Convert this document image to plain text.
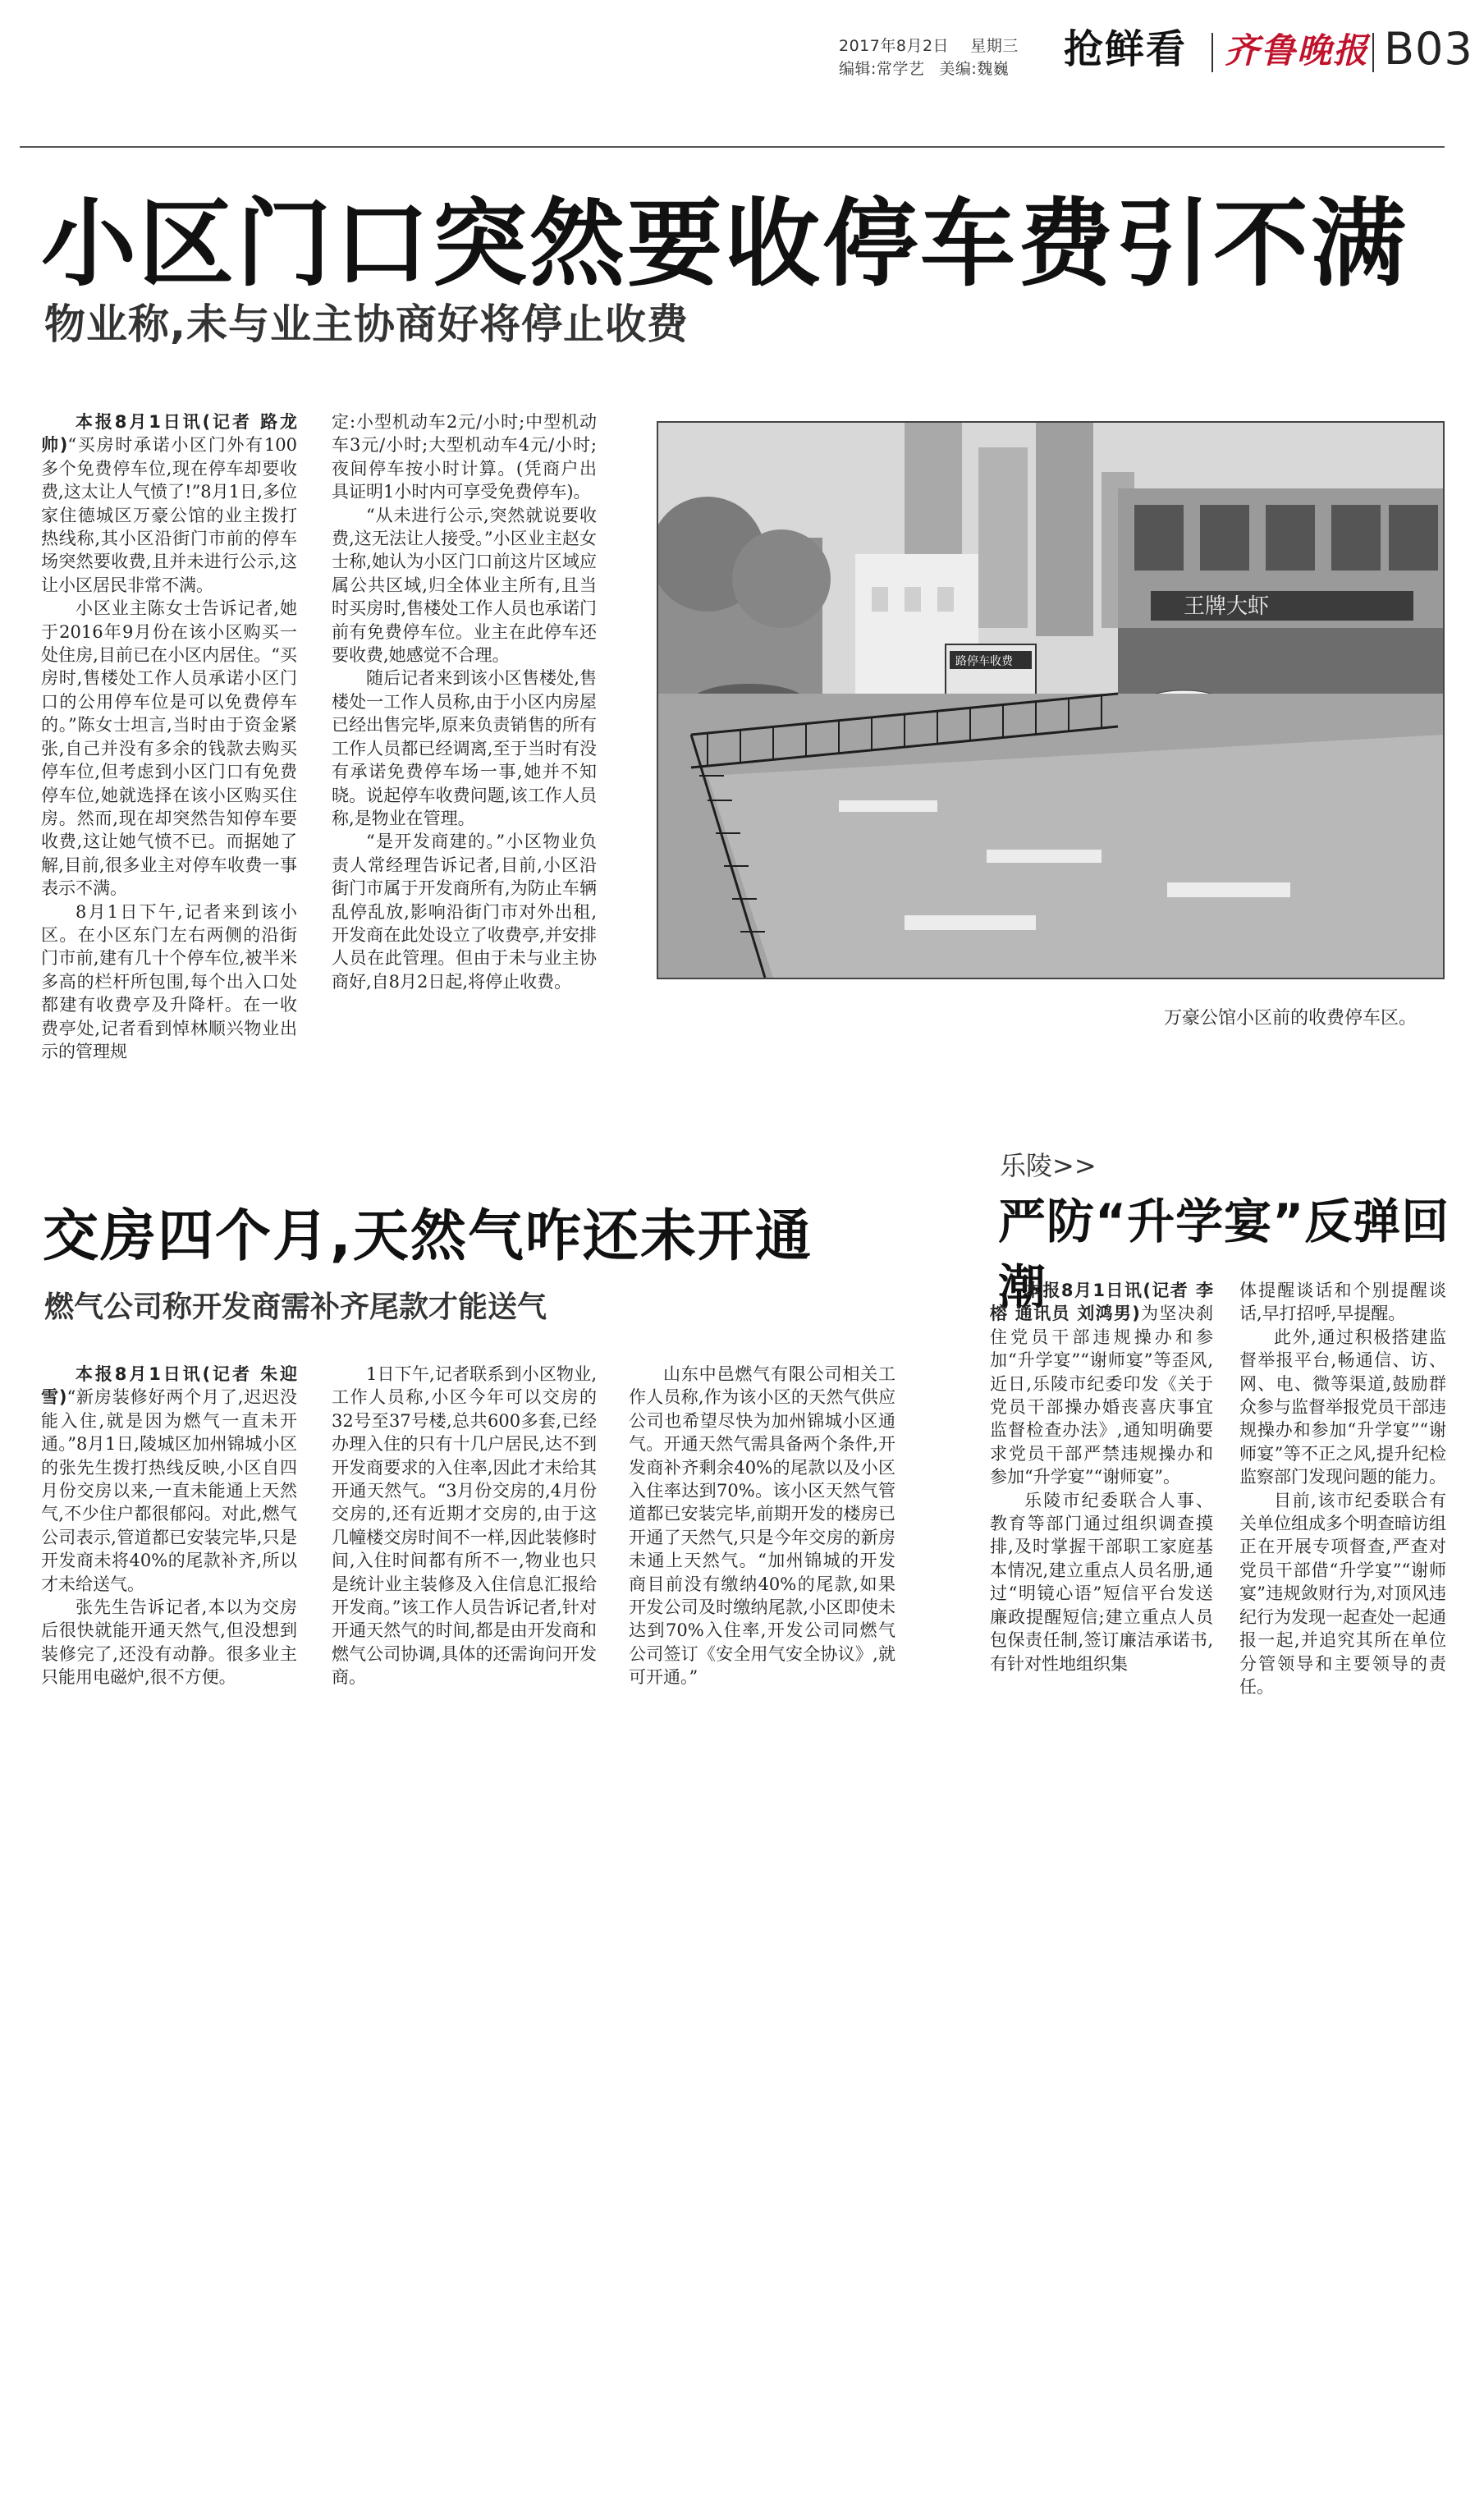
2017年8月2日 星期三
编辑:常学艺 美编:魏巍	抢鲜看 齐鲁晚报 B03
小区门口突然要收停车费引不满
物业称,未与业主协商好将停止收费

本报8月1日讯(记者 路龙帅)“买房时承诺小区门外有100多个免费停车位,现在停车却要收费,这太让人气愤了!”8月1日,多位家住德城区万豪公馆的业主拨打热线称,其小区沿街门市前的停车场突然要收费,且并未进行公示,这让小区居民非常不满。

小区业主陈女士告诉记者,她于2016年9月份在该小区购买一处住房,目前已在小区内居住。“买房时,售楼处工作人员承诺小区门口的公用停车位是可以免费停车的。”陈女士坦言,当时由于资金紧张,自己并没有多余的钱款去购买停车位,但考虑到小区门口有免费停车位,她就选择在该小区购买住房。然而,现在却突然告知停车要收费,这让她气愤不已。而据她了解,目前,很多业主对停车收费一事表示不满。

8月1日下午,记者来到该小区。在小区东门左右两侧的沿街门市前,建有几十个停车位,被半米多高的栏杆所包围,每个出入口处都建有收费亭及升降杆。在一收费亭处,记者看到悼林顺兴物业出示的管理规

定:小型机动车2元/小时;中型机动车3元/小时;大型机动车4元/小时;夜间停车按小时计算。(凭商户出具证明1小时内可享受免费停车)。

“从未进行公示,突然就说要收费,这无法让人接受。”小区业主赵女士称,她认为小区门口前这片区域应属公共区域,归全体业主所有,且当时买房时,售楼处工作人员也承诺门前有免费停车位。业主在此停车还要收费,她感觉不合理。

随后记者来到该小区售楼处,售楼处一工作人员称,由于小区内房屋已经出售完毕,原来负责销售的所有工作人员都已经调离,至于当时有没有承诺免费停车场一事,她并不知晓。说起停车收费问题,该工作人员称,是物业在管理。

“是开发商建的。”小区物业负责人常经理告诉记者,目前,小区沿街门市属于开发商所有,为防止车辆乱停乱放,影响沿街门市对外出租,开发商在此处设立了收费亭,并安排人员在此管理。但由于未与业主协商好,自8月2日起,将停止收费。

王牌大虾
路停车收费
万豪公馆小区前的收费停车区。
交房四个月,天然气咋还未开通
燃气公司称开发商需补齐尾款才能送气

本报8月1日讯(记者 朱迎雪)“新房装修好两个月了,迟迟没能入住,就是因为燃气一直未开通。”8月1日,陵城区加州锦城小区的张先生拨打热线反映,小区自四月份交房以来,一直未能通上天然气,不少住户都很郁闷。对此,燃气公司表示,管道都已安装完毕,只是开发商未将40%的尾款补齐,所以才未给送气。

张先生告诉记者,本以为交房后很快就能开通天然气,但没想到装修完了,还没有动静。很多业主只能用电磁炉,很不方便。

1日下午,记者联系到小区物业,工作人员称,小区今年可以交房的32号至37号楼,总共600多套,已经办理入住的只有十几户居民,达不到开发商要求的入住率,因此才未给其开通天然气。“3月份交房的,4月份交房的,还有近期才交房的,由于这几幢楼交房时间不一样,因此装修时间,入住时间都有所不一,物业也只是统计业主装修及入住信息汇报给开发商。”该工作人员告诉记者,针对开通天然气的时间,都是由开发商和燃气公司协调,具体的还需询问开发商。

山东中邑燃气有限公司相关工作人员称,作为该小区的天然气供应公司也希望尽快为加州锦城小区通气。开通天然气需具备两个条件,开发商补齐剩余40%的尾款以及小区入住率达到70%。该小区天然气管道都已安装完毕,前期开发的楼房已开通了天然气,只是今年交房的新房未通上天然气。“加州锦城的开发商目前没有缴纳40%的尾款,如果开发公司及时缴纳尾款,小区即使未达到70%入住率,开发公司同燃气公司签订《安全用气安全协议》,就可开通。”

乐陵>>
严防“升学宴”反弹回潮

本报8月1日讯(记者 李榕 通讯员 刘鸿男)为坚决刹住党员干部违规操办和参加“升学宴”“谢师宴”等歪风,近日,乐陵市纪委印发《关于党员干部操办婚丧喜庆事宜监督检查办法》,通知明确要求党员干部严禁违规操办和参加“升学宴”“谢师宴”。

乐陵市纪委联合人事、教育等部门通过组织调查摸排,及时掌握干部职工家庭基本情况,建立重点人员名册,通过“明镜心语”短信平台发送廉政提醒短信;建立重点人员包保责任制,签订廉洁承诺书,有针对性地组织集

体提醒谈话和个别提醒谈话,早打招呼,早提醒。

此外,通过积极搭建监督举报平台,畅通信、访、网、电、微等渠道,鼓励群众参与监督举报党员干部违规操办和参加“升学宴”“谢师宴”等不正之风,提升纪检监察部门发现问题的能力。

目前,该市纪委联合有关单位组成多个明查暗访组正在开展专项督查,严查对党员干部借“升学宴”“谢师宴”违规敛财行为,对顶风违纪行为发现一起查处一起通报一起,并追究其所在单位分管领导和主要领导的责任。
